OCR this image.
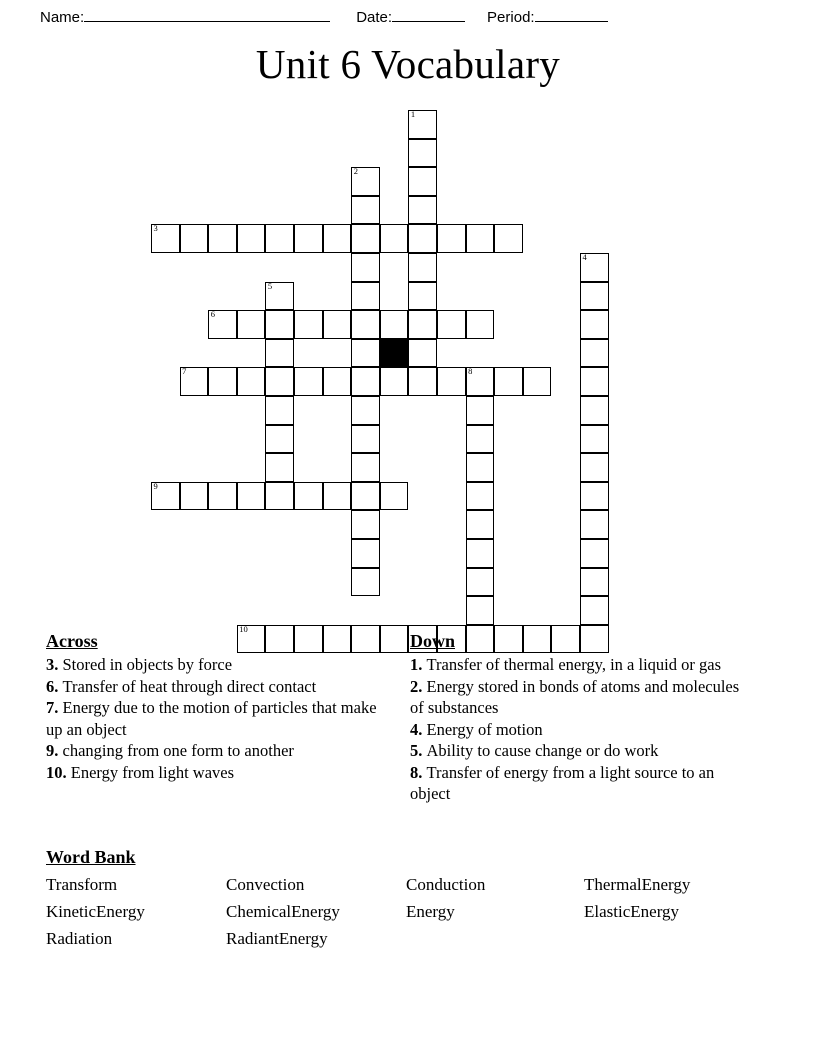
Name:	Date:	Period:
Unit 6 Vocabulary
1
2
3
4
5
6
7	8
9
10
Across
3. Stored in objects by force
6. Transfer of heat through direct contact
7. Energy due to the motion of particles that make up an object
9. changing from one form to another
10. Energy from light waves
Down
1. Transfer of thermal energy, in a liquid or gas
2. Energy stored in bonds of atoms and molecules of substances
4. Energy of motion
5. Ability to cause change or do work
8. Transfer of energy from a light source to an object
Word Bank
Transform	Convection	Conduction	ThermalEnergy
KineticEnergy	ChemicalEnergy	Energy	ElasticEnergy
Radiation	RadiantEnergy
